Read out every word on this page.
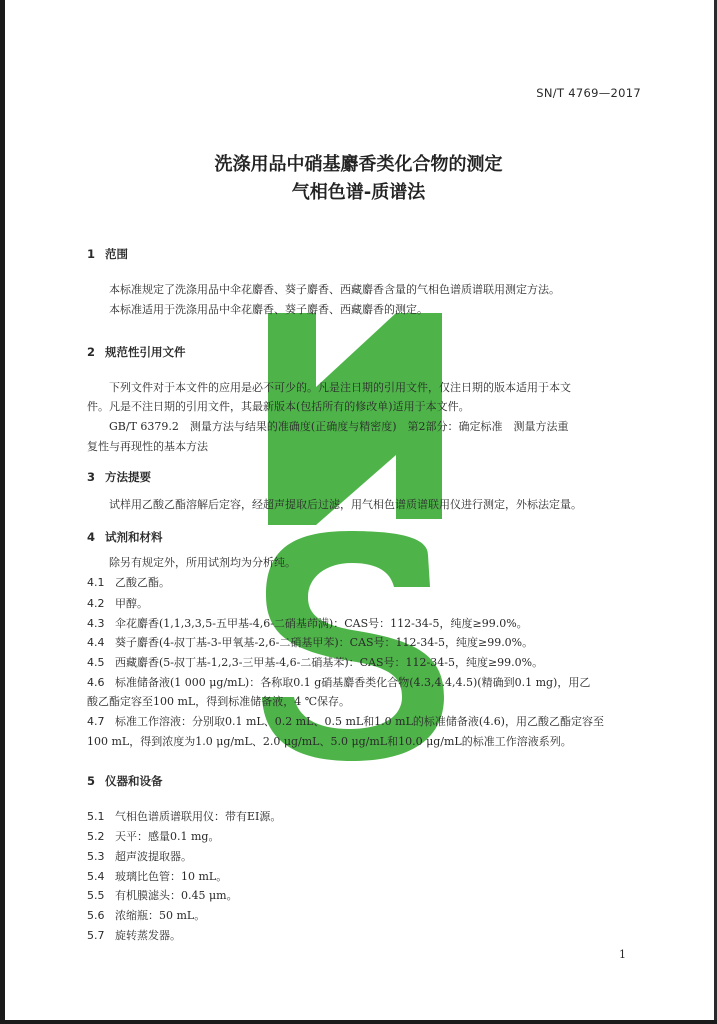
SN/T 4769—2017
洗涤用品中硝基麝香类化合物的测定
气相色谱-质谱法
1 范围
本标准规定了洗涤用品中伞花麝香、葵子麝香、西藏麝香含量的气相色谱质谱联用测定方法。
本标准适用于洗涤用品中伞花麝香、葵子麝香、西藏麝香的测定。
2 规范性引用文件
下列文件对于本文件的应用是必不可少的。凡是注日期的引用文件，仅注日期的版本适用于本文
件。凡是不注日期的引用文件，其最新版本(包括所有的修改单)适用于本文件。
GB/T 6379.2　测量方法与结果的准确度(正确度与精密度)　第2部分：确定标准　测量方法重
复性与再现性的基本方法
3 方法提要
试样用乙酸乙酯溶解后定容，经超声提取后过滤，用气相色谱质谱联用仪进行测定，外标法定量。
4 试剂和材料
除另有规定外，所用试剂均为分析纯。
4.1 乙酸乙酯。
4.2 甲醇。
4.3 伞花麝香(1,1,3,3,5-五甲基-4,6-二硝基茚满)：CAS号：112-34-5，纯度≥99.0%。
4.4 葵子麝香(4-叔丁基-3-甲氧基-2,6-二硝基甲苯)：CAS号：112-34-5，纯度≥99.0%。
4.5 西藏麝香(5-叔丁基-1,2,3-三甲基-4,6-二硝基苯)：CAS号：112-34-5，纯度≥99.0%。
4.6 标准储备液(1 000 μg/mL)：各称取0.1 g硝基麝香类化合物(4.3,4.4,4.5)(精确到0.1 mg)，用乙
酸乙酯定容至100 mL，得到标准储备液，4 ℃保存。
4.7 标准工作溶液：分别取0.1 mL、0.2 mL、0.5 mL和1.0 mL的标准储备液(4.6)，用乙酸乙酯定容至
100 mL，得到浓度为1.0 μg/mL、2.0 μg/mL、5.0 μg/mL和10.0 μg/mL的标准工作溶液系列。
5 仪器和设备
5.1 气相色谱质谱联用仪：带有EI源。
5.2 天平：感量0.1 mg。
5.3 超声波提取器。
5.4 玻璃比色管：10 mL。
5.5 有机膜滤头：0.45 μm。
5.6 浓缩瓶：50 mL。
5.7 旋转蒸发器。
1
